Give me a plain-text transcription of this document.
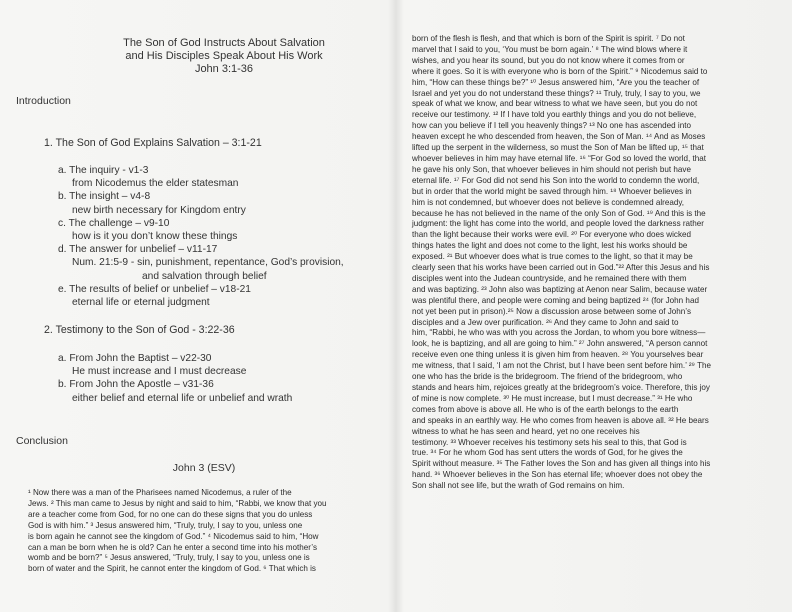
The Son of God Instructs About Salvation
and His Disciples Speak About His Work
John 3:1-36
Introduction
1. The Son of God Explains Salvation – 3:1-21
a. The inquiry - v1-3
from Nicodemus the elder statesman
b. The insight – v4-8
new birth necessary for Kingdom entry
c. The challenge – v9-10
how is it you don’t know these things
d. The answer for unbelief – v11-17
Num. 21:5-9 - sin, punishment, repentance, God’s provision,
and salvation through belief
e. The results of belief or unbelief – v18-21
eternal life or eternal judgment
2. Testimony to the Son of God - 3:22-36
a. From John the Baptist – v22-30
He must increase and I must decrease
b. From John the Apostle – v31-36
either belief and eternal life or unbelief and wrath
Conclusion
John 3 (ESV)

¹ Now there was a man of the Pharisees named Nicodemus, a ruler of the

Jews. ² This man came to Jesus by night and said to him, “Rabbi, we know that you

are a teacher come from God, for no one can do these signs that you do unless

God is with him.” ³ Jesus answered him, “Truly, truly, I say to you, unless one

is born again he cannot see the kingdom of God.” ⁴ Nicodemus said to him, “How

can a man be born when he is old? Can he enter a second time into his mother’s

womb and be born?” ⁵ Jesus answered, “Truly, truly, I say to you, unless one is

born of water and the Spirit, he cannot enter the kingdom of God. ⁶ That which is

born of the flesh is flesh, and that which is born of the Spirit is spirit. ⁷ Do not

marvel that I said to you, ‘You must be born again.’ ⁸ The wind blows where it

wishes, and you hear its sound, but you do not know where it comes from or

where it goes. So it is with everyone who is born of the Spirit.” ⁹ Nicodemus said to

him, “How can these things be?” ¹⁰ Jesus answered him, “Are you the teacher of

Israel and yet you do not understand these things? ¹¹ Truly, truly, I say to you, we

speak of what we know, and bear witness to what we have seen, but you do not

receive our testimony. ¹² If I have told you earthly things and you do not believe,

how can you believe if I tell you heavenly things? ¹³ No one has ascended into

heaven except he who descended from heaven, the Son of Man. ¹⁴ And as Moses

lifted up the serpent in the wilderness, so must the Son of Man be lifted up, ¹⁵ that

whoever believes in him may have eternal life. ¹⁶ “For God so loved the world, that

he gave his only Son, that whoever believes in him should not perish but have

eternal life. ¹⁷ For God did not send his Son into the world to condemn the world,

but in order that the world might be saved through him. ¹⁸ Whoever believes in

him is not condemned, but whoever does not believe is condemned already,

because he has not believed in the name of the only Son of God. ¹⁹ And this is the

judgment: the light has come into the world, and people loved the darkness rather

than the light because their works were evil. ²⁰ For everyone who does wicked

things hates the light and does not come to the light, lest his works should be

exposed. ²¹ But whoever does what is true comes to the light, so that it may be

clearly seen that his works have been carried out in God.”²² After this Jesus and his

disciples went into the Judean countryside, and he remained there with them

and was baptizing. ²³ John also was baptizing at Aenon near Salim, because water

was plentiful there, and people were coming and being baptized ²⁴ (for John had

not yet been put in prison).²⁵ Now a discussion arose between some of John’s

disciples and a Jew over purification. ²⁶ And they came to John and said to

him, “Rabbi, he who was with you across the Jordan, to whom you bore witness—

look, he is baptizing, and all are going to him.” ²⁷ John answered, “A person cannot

receive even one thing unless it is given him from heaven. ²⁸ You yourselves bear

me witness, that I said, ‘I am not the Christ, but I have been sent before him.’ ²⁹ The

one who has the bride is the bridegroom. The friend of the bridegroom, who

stands and hears him, rejoices greatly at the bridegroom’s voice. Therefore, this joy

of mine is now complete. ³⁰ He must increase, but I must decrease.” ³¹ He who

comes from above is above all. He who is of the earth belongs to the earth

and speaks in an earthly way. He who comes from heaven is above all. ³² He bears

witness to what he has seen and heard, yet no one receives his

testimony. ³³ Whoever receives his testimony sets his seal to this, that God is

true. ³⁴ For he whom God has sent utters the words of God, for he gives the

Spirit without measure. ³⁵ The Father loves the Son and has given all things into his

hand. ³⁶ Whoever believes in the Son has eternal life; whoever does not obey the

Son shall not see life, but the wrath of God remains on him.
